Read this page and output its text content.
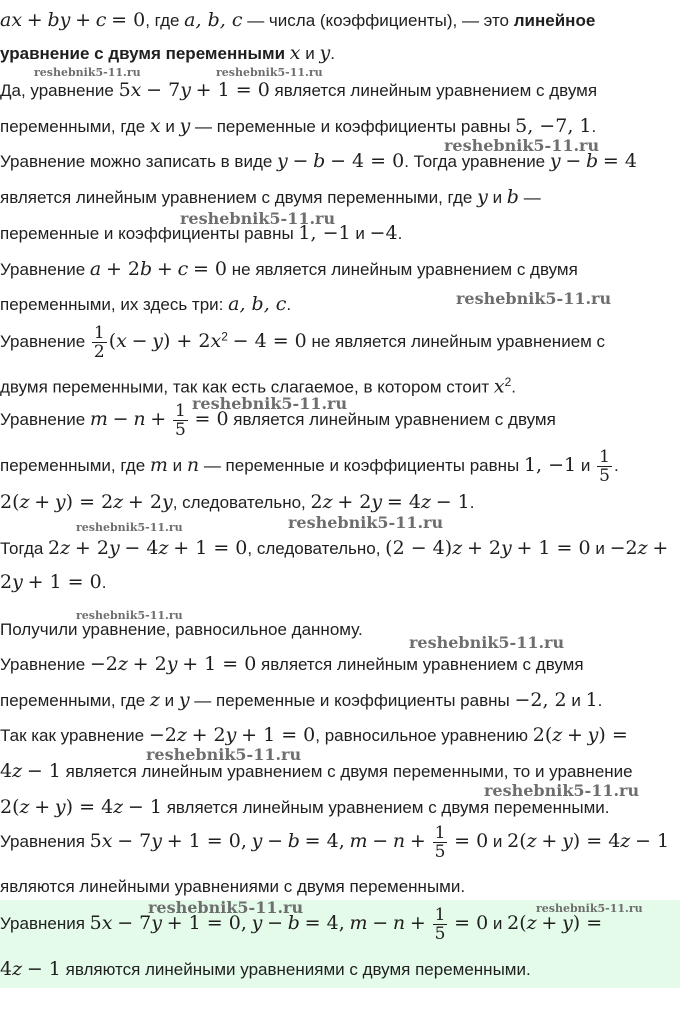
ax + by + c = 0, где a, b, c — числа (коэффициенты), — это линейное
уравнение с двумя переменными x и y.
Да, уравнение 5x − 7y + 1 = 0 является линейным уравнением с двумя
переменными, где x и y — переменные и коэффициенты равны 5, −7, 1.
Уравнение можно записать в виде y − b − 4 = 0. Тогда уравнение y − b = 4
является линейным уравнением с двумя переменными, где y и b —
переменные и коэффициенты равны 1, −1 и −4.
Уравнение a + 2b + c = 0 не является линейным уравнением с двумя
переменными, их здесь три: a, b, c.
Уравнение $\frac{1}{2} (x - y) + 2x^2 - 4 = 0$ не является линейным уравнением с
двумя переменными, так как есть слагаемое, в котором стоит $x^2$.
Уравнение $m - n + \frac{1}{5} = 0$ является линейным уравнением с двумя
переменными, где m и n — переменные и коэффициенты равны 1, −1 и $\frac{1}{5}$ .
2(z + y) = 2z + 2y, следовательно, 2z + 2y = 4z − 1.
Тогда 2z + 2y − 4z + 1 = 0, следовательно, (2 − 4)z + 2y + 1 = 0 и −2z +
2y + 1 = 0.
Получили уравнение, равносильное данному.
Уравнение −2z + 2y + 1 = 0 является линейным уравнением с двумя
переменными, где z и y — переменные и коэффициенты равны −2, 2 и 1.
Так как уравнение −2z + 2y + 1 = 0, равносильное уравнению 2(z + y) =
4z − 1 является линейным уравнением с двумя переменными, то и уравнение
2(z + y) = 4z − 1 является линейным уравнением с двумя переменными.
Уравнения 5x − 7y + 1 = 0, y − b = 4, $m - n + \frac{1}{5} = 0$ и 2(z + y) = 4z − 1
являются линейными уравнениями с двумя переменными.
Уравнения 5x − 7y + 1 = 0, y − b = 4, $m - n + \frac{1}{5} = 0$ и 2(z + y) =
4z − 1 являются линейными уравнениями с двумя переменными.
reshebnik5-11.ru	reshebnik5-11.ru
reshebnik5-11.ru
reshebnik5-11.ru
reshebnik5-11.ru
reshebnik5-11.ru
reshebnik5-11.ru	reshebnik5-11.ru
reshebnik5-11.ru
reshebnik5-11.ru
reshebnik5-11.ru
reshebnik5-11.ru
reshebnik5-11.ru	reshebnik5-11.ru
